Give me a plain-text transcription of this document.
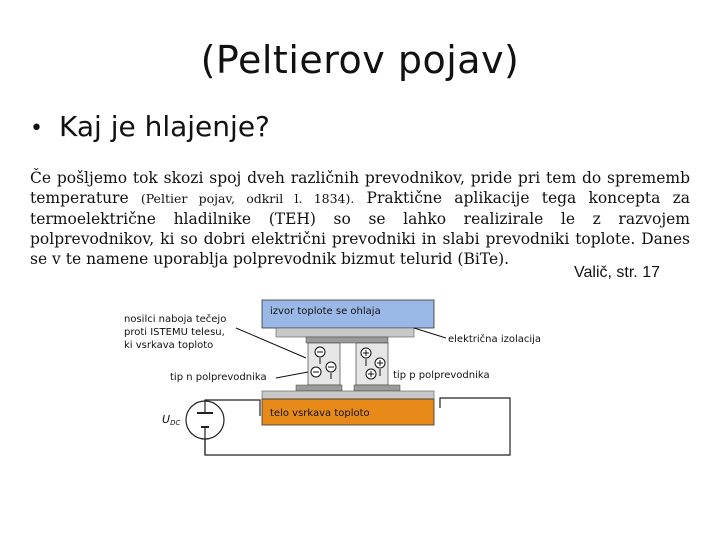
(Peltierov pojav)
• Kaj je hlajenje?
Če pošljemo tok skozi spoj dveh različnih prevodnikov, pride pri tem do sprememb temperature (Peltier pojav, odkril l. 1834). Praktične aplikacije tega koncepta za termoelektrične hladilnike (TEH) so se lahko realizirale le z razvojem polprevodnikov, ki so dobri električni prevodniki in slabi prevodniki toplote. Danes se v te namene uporablja polprevodnik bizmut telurid (BiTe).
Valič, str. 17
UDC
izvor toplote se ohlaja
telo vsrkava toploto
nosilci naboja tečejo proti ISTEMU telesu, ki vsrkava toploto
električna izolacija
tip n polprevodnika	tip p polprevodnika
